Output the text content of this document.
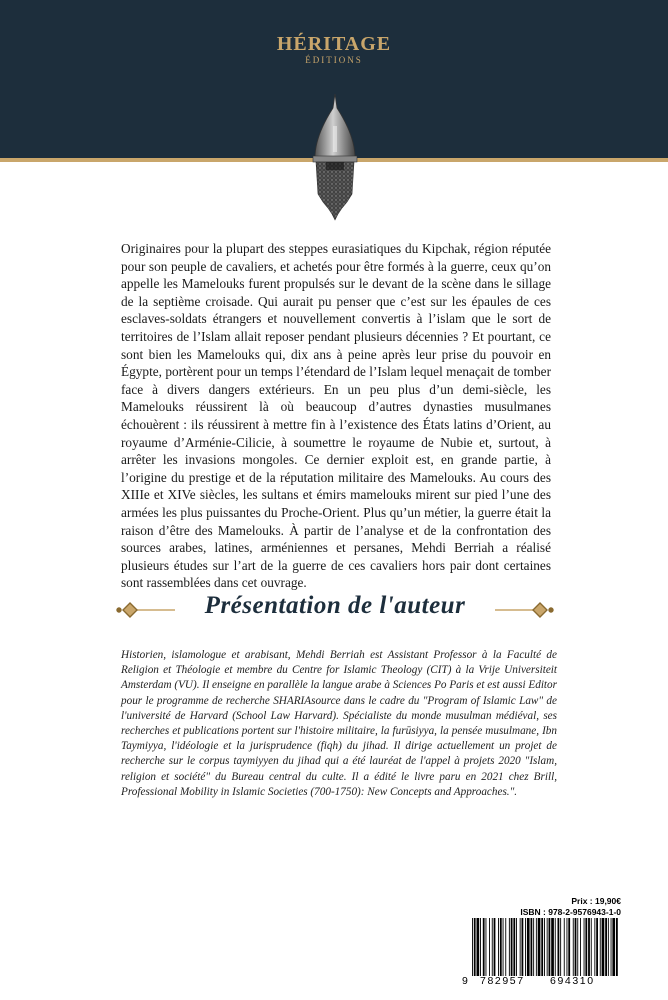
HÉRITAGE
ÉDITIONS

Originaires pour la plupart des steppes eurasiatiques du Kipchak, région réputée pour son peuple de cavaliers, et achetés pour être formés à la guerre, ceux qu’on appelle les Mamelouks furent propulsés sur le devant de la scène dans le sillage de la septième croisade. Qui aurait pu penser que c’est sur les épaules de ces esclaves-soldats étrangers et nouvellement convertis à l’islam que le sort de territoires de l’Islam allait reposer pendant plusieurs décennies ? Et pourtant, ce sont bien les Mamelouks qui, dix ans à peine après leur prise du pouvoir en Égypte, portèrent pour un temps l’étendard de l’Islam lequel menaçait de tomber face à divers dangers extérieurs. En un peu plus d’un demi-siècle, les Mamelouks réussirent là où beaucoup d’autres dynasties musulmanes échouèrent : ils réussirent à mettre fin à l’existence des États latins d’Orient, au royaume d’Arménie-Cilicie, à soumettre le royaume de Nubie et, surtout, à arrêter les invasions mongoles. Ce dernier exploit est, en grande partie, à l’origine du prestige et de la réputation militaire des Mamelouks. Au cours des XIIIe et XIVe siècles, les sultans et émirs mamelouks mirent sur pied l’une des armées les plus puissantes du Proche-Orient. Plus qu’un métier, la guerre était la raison d’être des Mamelouks. À partir de l’analyse et de la confrontation des sources arabes, latines, arméniennes et persanes, Mehdi Berriah a réalisé plusieurs études sur l’art de la guerre de ces cavaliers hors pair dont certaines sont rassemblées dans cet ouvrage.

Présentation de l'auteur

Historien, islamologue et arabisant, Mehdi Berriah est Assistant Professor à la Faculté de Religion et Théologie et membre du Centre for Islamic Theology (CIT) à la Vrije Universiteit Amsterdam (VU). Il enseigne en parallèle la langue arabe à Sciences Po Paris et est aussi Editor pour le programme de recherche SHARIAsource dans le cadre du "Program of Islamic Law" de l'université de Harvard (School Law Harvard). Spécialiste du monde musulman médiéval, ses recherches et publications portent sur l'histoire militaire, la furūsiyya, la pensée musulmane, Ibn Taymiyya, l'idéologie et la jurisprudence (fiqh) du jihad. Il dirige actuellement un projet de recherche sur le corpus taymiyyen du jihad qui a été lauréat de l'appel à projets 2020 "Islam, religion et société" du Bureau central du culte. Il a édité le livre paru en 2021 chez Brill, Professional Mobility in Islamic Societies (700-1750): New Concepts and Approaches.".

Prix : 19,90€
ISBN : 978-2-9576943-1-0
9 782957 694310
